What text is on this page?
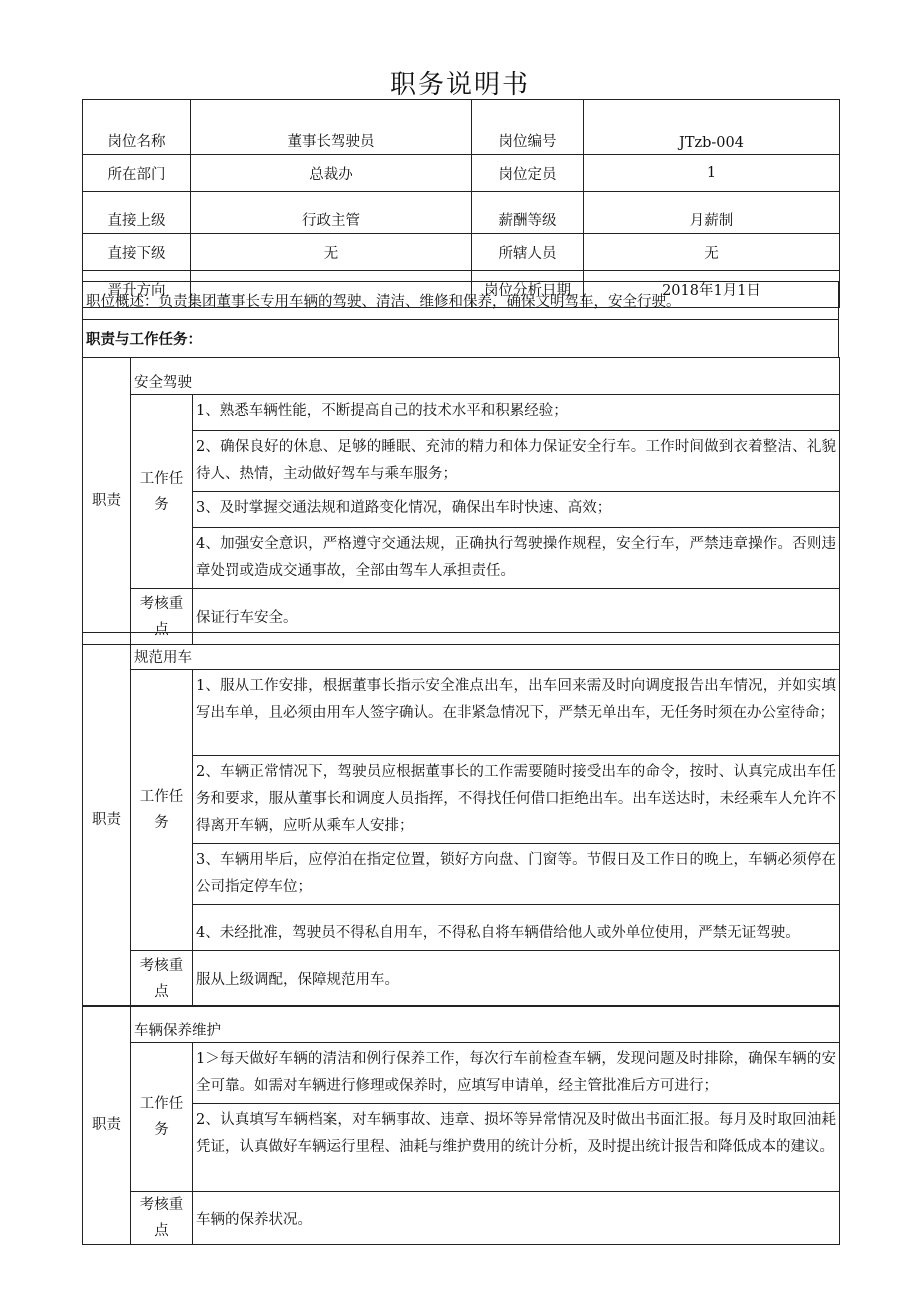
职务说明书
岗位名称	董事长驾驶员	岗位编号	JTzb-004
所在部门	总裁办	岗位定员	1
直接上级	行政主管	薪酬等级	月薪制
直接下级	无	所辖人员	无
晋升方向		岗位分析日期	2018年1月1日
职位概述：负责集团董事长专用车辆的驾驶、清洁、维修和保养，确保文明驾车，安全行驶。
职责与工作任务：
职责	安全驾驶	
	工作任务	1、熟悉车辆性能，不断提高自己的技术水平和积累经验；
		2、确保良好的休息、足够的睡眠、充沛的精力和体力保证安全行车。工作时间做到衣着整洁、礼貌待人、热情，主动做好驾车与乘车服务；
		3、及时掌握交通法规和道路变化情况，确保出车时快速、高效；
		4、加强安全意识，严格遵守交通法规，正确执行驾驶操作规程，安全行车，严禁违章操作。否则违章处罚或造成交通事故，全部由驾车人承担责任。
	考核重点	保证行车安全。
职责	规范用车	
	工作任务	1、服从工作安排，根据董事长指示安全准点出车，出车回来需及时向调度报告出车情况，并如实填写出车单，且必须由用车人签字确认。在非紧急情况下，严禁无单出车，无任务时须在办公室待命；
		2、车辆正常情况下，驾驶员应根据董事长的工作需要随时接受出车的命令，按时、认真完成出车任务和要求，服从董事长和调度人员指挥，不得找任何借口拒绝出车。出车送达时，未经乘车人允许不得离开车辆，应听从乘车人安排；
		3、车辆用毕后，应停泊在指定位置，锁好方向盘、门窗等。节假日及工作日的晚上，车辆必须停在公司指定停车位；
		4、未经批准，驾驶员不得私自用车，不得私自将车辆借给他人或外单位使用，严禁无证驾驶。
	考核重点	服从上级调配，保障规范用车。
职责	车辆保养维护	
	工作任务	1＞每天做好车辆的清洁和例行保养工作，每次行车前检查车辆，发现问题及时排除，确保车辆的安全可靠。如需对车辆进行修理或保养时，应填写申请单，经主管批准后方可进行；
		2、认真填写车辆档案，对车辆事故、违章、损坏等异常情况及时做出书面汇报。每月及时取回油耗凭证，认真做好车辆运行里程、油耗与维护费用的统计分析，及时提出统计报告和降低成本的建议。
	考核重点	车辆的保养状况。
